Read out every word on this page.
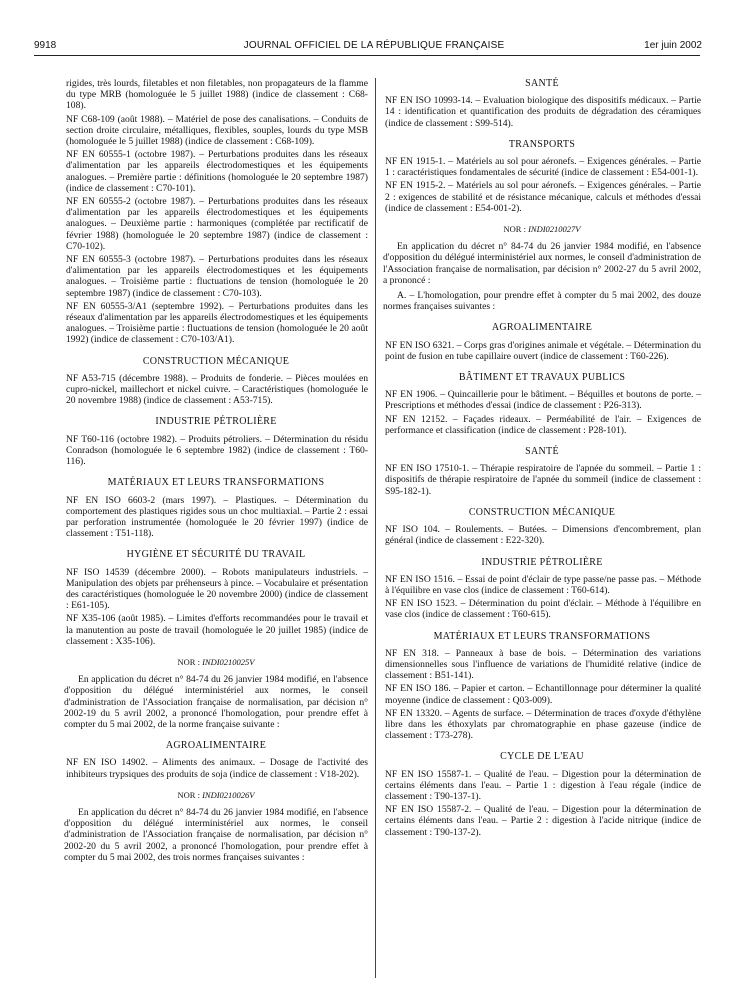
9918	JOURNAL OFFICIEL DE LA RÉPUBLIQUE FRANÇAISE	1er juin 2002

rigides, très lourds, filetables et non filetables, non propagateurs de la flamme du type MRB (homologuée le 5 juillet 1988) (indice de classement : C68-108).

NF C68-109 (août 1988). – Matériel de pose des canalisations. – Conduits de section droite circulaire, métalliques, flexibles, souples, lourds du type MSB (homologuée le 5 juillet 1988) (indice de classement : C68-109).

NF EN 60555-1 (octobre 1987). – Perturbations produites dans les réseaux d'alimentation par les appareils électrodomestiques et les équipements analogues. – Première partie : définitions (homologuée le 20 septembre 1987) (indice de classement : C70-101).

NF EN 60555-2 (octobre 1987). – Perturbations produites dans les réseaux d'alimentation par les appareils électrodomestiques et les équipements analogues. – Deuxième partie : harmoniques (complétée par rectificatif de février 1988) (homologuée le 20 septembre 1987) (indice de classement : C70-102).

NF EN 60555-3 (octobre 1987). – Perturbations produites dans les réseaux d'alimentation par les appareils électrodomestiques et les équipements analogues. – Troisième partie : fluctuations de tension (homologuée le 20 septembre 1987) (indice de classement : C70-103).

NF EN 60555-3/A1 (septembre 1992). – Perturbations produites dans les réseaux d'alimentation par les appareils électrodomestiques et les équipements analogues. – Troisième partie : fluctuations de tension (homologuée le 20 août 1992) (indice de classement : C70-103/A1).

CONSTRUCTION MÉCANIQUE

NF A53-715 (décembre 1988). – Produits de fonderie. – Pièces moulées en cupro-nickel, maillechort et nickel cuivre. – Caractéristiques (homologuée le 20 novembre 1988) (indice de classement : A53-715).

INDUSTRIE PÉTROLIÈRE

NF T60-116 (octobre 1982). – Produits pétroliers. – Détermination du résidu Conradson (homologuée le 6 septembre 1982) (indice de classement : T60-116).

MATÉRIAUX ET LEURS TRANSFORMATIONS

NF EN ISO 6603-2 (mars 1997). – Plastiques. – Détermination du comportement des plastiques rigides sous un choc multiaxial. – Partie 2 : essai par perforation instrumentée (homologuée le 20 février 1997) (indice de classement : T51-118).

HYGIÈNE ET SÉCURITÉ DU TRAVAIL

NF ISO 14539 (décembre 2000). – Robots manipulateurs industriels. – Manipulation des objets par préhenseurs à pince. – Vocabulaire et présentation des caractéristiques (homologuée le 20 novembre 2000) (indice de classement : E61-105).

NF X35-106 (août 1985). – Limites d'efforts recommandées pour le travail et la manutention au poste de travail (homologuée le 20 juillet 1985) (indice de classement : X35-106).

NOR : INDI0210025V

En application du décret n° 84-74 du 26 janvier 1984 modifié, en l'absence d'opposition du délégué interministériel aux normes, le conseil d'administration de l'Association française de normalisation, par décision n° 2002-19 du 5 avril 2002, a prononcé l'homologation, pour prendre effet à compter du 5 mai 2002, de la norme française suivante :

AGROALIMENTAIRE

NF EN ISO 14902. – Aliments des animaux. – Dosage de l'activité des inhibiteurs trypsiques des produits de soja (indice de classement : V18-202).

NOR : INDI0210026V

En application du décret n° 84-74 du 26 janvier 1984 modifié, en l'absence d'opposition du délégué interministériel aux normes, le conseil d'administration de l'Association française de normalisation, par décision n° 2002-20 du 5 avril 2002, a prononcé l'homologation, pour prendre effet à compter du 5 mai 2002, des trois normes françaises suivantes :

SANTÉ

NF EN ISO 10993-14. – Evaluation biologique des dispositifs médicaux. – Partie 14 : identification et quantification des produits de dégradation des céramiques (indice de classement : S99-514).

TRANSPORTS

NF EN 1915-1. – Matériels au sol pour aéronefs. – Exigences générales. – Partie 1 : caractéristiques fondamentales de sécurité (indice de classement : E54-001-1).

NF EN 1915-2. – Matériels au sol pour aéronefs. – Exigences générales. – Partie 2 : exigences de stabilité et de résistance mécanique, calculs et méthodes d'essai (indice de classement : E54-001-2).

NOR : INDI0210027V

En application du décret n° 84-74 du 26 janvier 1984 modifié, en l'absence d'opposition du délégué interministériel aux normes, le conseil d'administration de l'Association française de normalisation, par décision n° 2002-27 du 5 avril 2002, a prononcé :

A. – L'homologation, pour prendre effet à compter du 5 mai 2002, des douze normes françaises suivantes :

AGROALIMENTAIRE

NF EN ISO 6321. – Corps gras d'origines animale et végétale. – Détermination du point de fusion en tube capillaire ouvert (indice de classement : T60-226).

BÂTIMENT ET TRAVAUX PUBLICS

NF EN 1906. – Quincaillerie pour le bâtiment. – Béquilles et boutons de porte. – Prescriptions et méthodes d'essai (indice de classement : P26-313).

NF EN 12152. – Façades rideaux. – Perméabilité de l'air. – Exigences de performance et classification (indice de classement : P28-101).

SANTÉ

NF EN ISO 17510-1. – Thérapie respiratoire de l'apnée du sommeil. – Partie 1 : dispositifs de thérapie respiratoire de l'apnée du sommeil (indice de classement : S95-182-1).

CONSTRUCTION MÉCANIQUE

NF ISO 104. – Roulements. – Butées. – Dimensions d'encombrement, plan général (indice de classement : E22-320).

INDUSTRIE PÉTROLIÈRE

NF EN ISO 1516. – Essai de point d'éclair de type passe/ne passe pas. – Méthode à l'équilibre en vase clos (indice de classement : T60-614).

NF EN ISO 1523. – Détermination du point d'éclair. – Méthode à l'équilibre en vase clos (indice de classement : T60-615).

MATÉRIAUX ET LEURS TRANSFORMATIONS

NF EN 318. – Panneaux à base de bois. – Détermination des variations dimensionnelles sous l'influence de variations de l'humidité relative (indice de classement : B51-141).

NF EN ISO 186. – Papier et carton. – Echantillonnage pour déterminer la qualité moyenne (indice de classement : Q03-009).

NF EN 13320. – Agents de surface. – Détermination de traces d'oxyde d'éthylène libre dans les éthoxylats par chromatographie en phase gazeuse (indice de classement : T73-278).

CYCLE DE L'EAU

NF EN ISO 15587-1. – Qualité de l'eau. – Digestion pour la détermination de certains éléments dans l'eau. – Partie 1 : digestion à l'eau régale (indice de classement : T90-137-1).

NF EN ISO 15587-2. – Qualité de l'eau. – Digestion pour la détermination de certains éléments dans l'eau. – Partie 2 : digestion à l'acide nitrique (indice de classement : T90-137-2).
